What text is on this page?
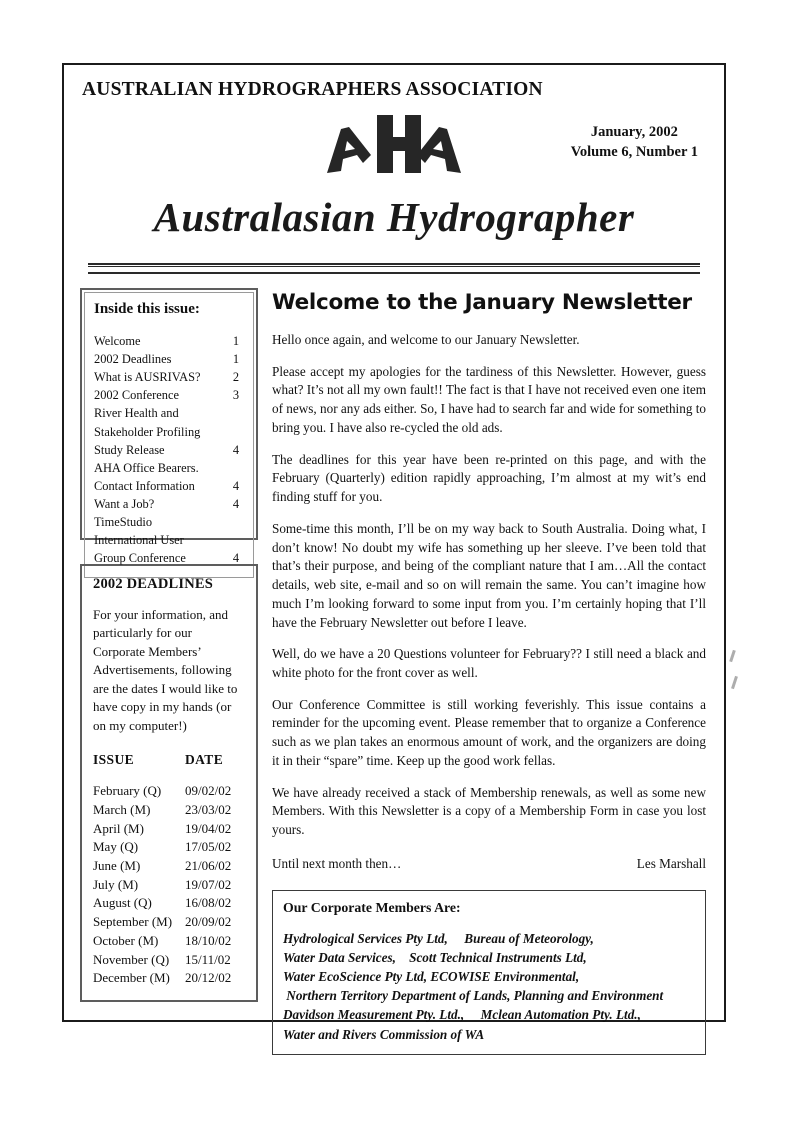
AUSTRALIAN HYDROGRAPHERS ASSOCIATION
January, 2002
Volume 6, Number 1
Australasian Hydrographer
Inside this issue:
Welcome	1
2002 Deadlines	1
What is AUSRIVAS?	2
2002 Conference	3
River Health and
Stakeholder Profiling
Study Release	4
AHA Office Bearers.
Contact Information	4
Want a Job?	4
TimeStudio
International User
Group Conference	4
2002 DEADLINES
For your information, and particularly for our Corporate Members’ Advertisements, following are the dates I would like to have copy in my hands (or on my computer!)
ISSUE	DATE
February (Q)	09/02/02
March (M)	23/03/02
April (M)	19/04/02
May (Q)	17/05/02
June (M)	21/06/02
July (M)	19/07/02
August (Q)	16/08/02
September (M) 20/09/02
October (M)	18/10/02
November (Q)	15/11/02
December (M)	20/12/02
Welcome to the January Newsletter

Hello once again, and welcome to our January Newsletter.

Please accept my apologies for the tardiness of this Newsletter. However, guess what? It’s not all my own fault!! The fact is that I have not received even one item of news, nor any ads either. So, I have had to search far and wide for something to bring you. I have also re-cycled the old ads.

The deadlines for this year have been re-printed on this page, and with the February (Quarterly) edition rapidly approaching, I’m almost at my wit’s end finding stuff for you.

Some-time this month, I’ll be on my way back to South Australia. Doing what, I don’t know! No doubt my wife has something up her sleeve. I’ve been told that that’s their purpose, and being of the compliant nature that I am…All the contact details, web site, e-mail and so on will remain the same. You can’t imagine how much I’m looking forward to some input from you. I’m certainly hoping that I’ll have the February Newsletter out before I leave.

Well, do we have a 20 Questions volunteer for February?? I still need a black and white photo for the front cover as well.

Our Conference Committee is still working feverishly. This issue contains a reminder for the upcoming event. Please remember that to organize a Conference such as we plan takes an enormous amount of work, and the organizers are doing it in their “spare” time. Keep up the good work fellas.

We have already received a stack of Membership renewals, as well as some new Members. With this Newsletter is a copy of a Membership Form in case you lost yours.

Until next month then…	Les Marshall
Our Corporate Members Are:
Hydrological Services Pty Ltd,     Bureau of Meteorology,
Water Data Services,    Scott Technical Instruments Ltd,
Water EcoScience Pty Ltd, ECOWISE Environmental,
Northern Territory Department of Lands, Planning and Environment
Davidson Measurement Pty. Ltd.,     Mclean Automation Pty. Ltd.,
Water and Rivers Commission of WA
